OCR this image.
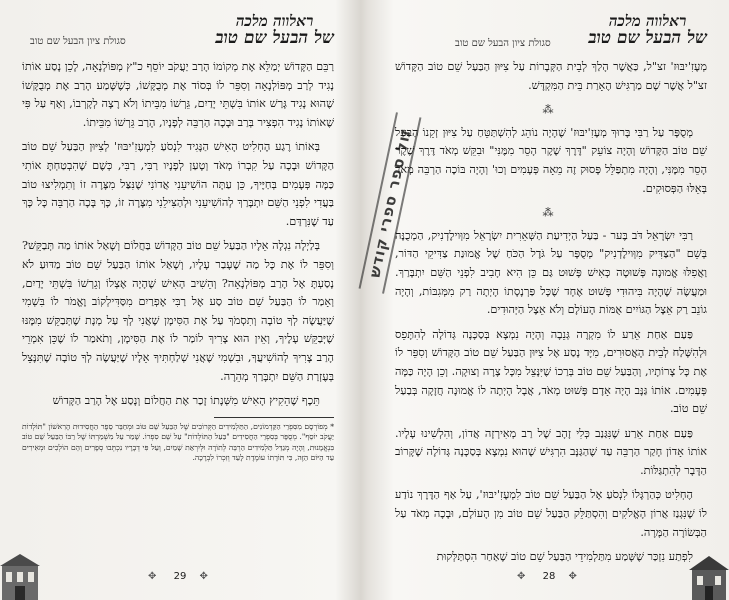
ראלווה מלכה
של הבעל שם טוב
סגולת ציון הבעל שם טוב

רַבֵּם הַקָּדוֹשׁ יְמַלֵּא אֶת מְקוֹמוֹ הָרַב יַעֲקֹב יוֹסֵף כ"ץ מְפּוֹלְנָאָה, לָכֵן נָסַע אוֹתוֹ נָגִיד לְרַב מְפּוֹלְנָאָה וְסִפֵּר לוֹ בְּסוֹד אֶת מְבֻקָּשׁוֹ, כְּשֶׁשָּׁמַע הָרַב אֶת מְבֻקָּשׁוֹ שֶׁהוּא נָגִיד גָּרַשׁ אוֹתוֹ בִּשְׁתֵּי יָדַיִם, גֵּרְשׁוֹ מִבֵּיתוֹ וְלֹא רָצָה לְקָרְבוֹ, וְאַף עַל פִּי שֶׁאוֹתוֹ נָגִיד הִפְצִיר בְּרַב וּבָכָה הַרְבֵּה לְפָנָיו, הָרַב גֵּרְשׁוֹ מִבֵּיתוֹ.

בְּאוֹתוֹ רֶגַע הֶחְלִיט הָאִישׁ הַנָּגִיד לִנְסֹעַ לִמְעֶזִ'יבּוּז' לְצִיּוּן הַבַּעַל שֵׁם טוֹב הַקָּדוֹשׁ וּבָכָה עַל קִבְרוֹ מְאֹד וְטָעַן לְפָנָיו רַבִּי, רַבִּי, כְּשֶׁם שֶׁהִבְטַחְתָּ אוֹתִי כַּמָּה פְּעָמִים בְּחַיֶּיךָ, כֵּן עַתָּה הוֹשִׁיעֵנִי אֲדוֹנִי שֶׁנִּצַּל מִצָּרָה זוֹ וְתִמְלִיצוּ טוֹב בַּעֲדִי לִפְנֵי הַשֵּׁם יִתְבָּרַךְ לְהוֹשִׁיעֵנִי וּלְהַצִּילֵנִי מִצָּרָה זוֹ, כָּךְ בָּכָה הַרְבֵּה כָּל כָּךְ עַד שֶׁנִּרְדַּם.

בְּלַיְלָה נִגְלָה אֵלָיו הַבַּעַל שֵׁם טוֹב הַקָּדוֹשׁ בַּחֲלוֹם וְשָׁאַל אוֹתוֹ מַה תְּבַקֵּשׁ? וְסִפֵּר לוֹ אֶת כָּל מַה שֶׁעָבַר עָלָיו, וְשָׁאַל אוֹתוֹ הַבַּעַל שֵׁם טוֹב מַדּוּעַ לֹא נָסַעְתָּ אֶל הָרַב מְפּוֹלְנָאָה? וְהֵשִׁיב הָאִישׁ שֶׁהָיָה אֶצְלוֹ וְגֵרְשׁוֹ בִּשְׁתֵּי יָדַיִם, וְאָמַר לוֹ הַבַּעַל שֵׁם טוֹב סַע אֶל רַבִּי אֶפְרַיִם מִסַּדִּילְקוֹב וֶאֱמֹר לוֹ בִּשְׁמִי שֶׁיַּעֲשֶׂה לְךָ טוֹבָה וְתִסְמֹךְ עַל אֶת הַסִּימָן שֶׁאֲנִי לְךָ עַל מְנָת שֶׁתְּבַקֵּשׁ מִמֶּנּוּ שֶׁיְּבַקֵּשׁ עָלֶיךָ, וְאֵין הוּא צָרִיךְ לוֹמַר לוֹ אֶת הַסִּימָן, וְתֹאמַר לוֹ שֶׁכֵּן אִמְרֵי הָרַב צָרִיךְ לְהוֹשִׁיעֲךָ, וּבִשְׁמִי שֶׁאֲנִי שְׁלַחְתִּיךָ אֵלָיו שֶׁיַּעֲשֶׂה לְךָ טוֹבָה שֶׁתִּנָּצֵל בְּעֶזְרַת הַשֵּׁם יִתְבָּרַךְ מְהֵרָה.

תֵּכֶף שֶׁהֵקִיץ הָאִישׁ מִשְּׁנָתוֹ זָכַר אֶת הַחֲלוֹם וְנָסַע אֶל הָרַב הַקָּדוֹשׁ

* מְפוֹרְסָם מִסִּפְרֵי הַקַּדְמוֹנִים, הַתַּלְמִידִים הַקְּרוֹבִים שֶׁל הַבַּעַל שֵׁם טוֹב וּמְחַבֵּר סֵפֶר הַחֲסִידוּת הָרִאשׁוֹן "תּוֹלְדוֹת יַעֲקֹב יוֹסֵף". מְסֻפָּר בְּסִפְרֵי הַחֲסִידִים "בַּעַל הַתּוֹלְדוֹת" עַל שֵׁם סִפְרוֹ. שָׁמַר עַל מִשְׁמַרְתּוֹ שֶׁל רַבּוֹ הַבַּעַל שֵׁם טוֹב בִּנְאֱמָנוּת, וְהָיָה מְגַדֵּל תַּלְמִידִים הַרְבֵּה לְתוֹרָה וּלְיִרְאַת שָׁמַיִם, וְעַל פִּי דְבָרָיו נִכְתְּבוּ סְפָרִים וְהֵם הוֹלְכִים וּמְאִירִים עַד הַיּוֹם הַזֶּה, כִּי תּוֹרָתוֹ עוֹמֶדֶת לָעַד וְזִכְרוֹ לִבְרָכָה.
✥ 29 ✥
ראלווה מלכה
של הבעל שם טוב
סגולת ציון הבעל שם טוב

מְעֶזִ'יבּוּז' זצ"ל, כַּאֲשֶׁר הָלַךְ לְבֵית הַקְּבָרוֹת עַל צִיּוּן הַבַּעַל שֵׁם טוֹב הַקָּדוֹשׁ זצ"ל אֲשֶׁר שָׁם מַרְגִּישׁ הֶאָרַת בֵּית הַמִּקְדָּשׁ.

⁂

מְסֻפָּר עַל רַבִּי בָּרוּךְ מְעֶזִ'יבּוּז' שֶׁהָיָה נוֹהֵג לְהִשְׁתַּטֵּחַ עַל צִיּוּן זְקֵנוֹ הַבַּעַל שֵׁם טוֹב הַקָּדוֹשׁ וְהָיָה צוֹעֵק "דֶּרֶךְ שֶׁקֶר הָסֵר מִמֶּנִּי" וּבִקֵּשׁ מְאֹד דֶּרֶךְ שֶׁקֶר הָסֵר מִמֶּנִּי, וְהָיָה מִתְפַּלֵּל פָּסוּק זֶה מֵאָה פְּעָמִים וְכוּ' וְהָיָה בּוֹכֶה הַרְבֵּה מְאֹד בְּאֵלּוּ הַפְּסוּקִים.

⁂

רַבִּי יִשְׂרָאֵל דֹּב בֶּער - בַּעַל הַיְדִיעַת הַשְּׁאֵרִית יִשְׂרָאֵל מִוְּוילֶדְנִיק, הַמְכֻנֶּה בְּשֵׁם "הַצַּדִּיק מִוְּוילֶדְנִיק" מְסֻפָּר עַל גֹּדֶל הַכֹּחַ שֶׁל אֱמוּנַת צַדִּיקֵי הַדּוֹר, וַאֲפִלּוּ אֱמוּנָה פְּשׁוּטָה כְּאִישׁ פָּשׁוּט גַּם כֵּן הִיא חָבִיב לִפְנֵי הַשֵּׁם יִתְבָּרַךְ. וּמַעֲשֶׂה שֶׁהָיָה בִּיהוּדִי פָּשׁוּט אֶחָד שֶׁכָּל פַּרְנָסָתוֹ הָיְתָה רַק מִמְּגִבּוֹת, וְהָיָה גוֹנֵב רַק אֵצֶל הַגּוֹיִים אֻמּוֹת הָעוֹלָם וְלֹא אֵצֶל הַיְּהוּדִים.

פַּעַם אַחַת אֵרַע לוֹ מִקְרֶה גְּנֵבָה וְהָיָה נִמְצָא בְּסַכָּנָה גְּדוֹלָה לְהִתָּפֵס וּלְהִשָּׁלַח לְבֵית הָאֲסוּרִים, מִיָּד נָסַע אֶל צִיּוּן הַבַּעַל שֵׁם טוֹב הַקָּדוֹשׁ וְסִפֵּר לוֹ אֶת כָּל צָרוֹתָיו, וְהַבַּעַל שֵׁם טוֹב בְּרַכוֹ שֶׁיִּנָּצֵל מִכָּל צָרָה וְצוּקָה. וְכֵן הָיָה כַּמָּה פְּעָמִים. אוֹתוֹ גַּנָּב הָיָה אָדָם פָּשׁוּט מְאֹד, אֲבָל הָיְתָה לוֹ אֱמוּנָה חֲזָקָה בְּבַעַל שֵׁם טוֹב.

פַּעַם אַחַת אֵרַע שֶׁנִּגַּנַב כְּלִי זָהָב שֶׁל רַב מְאִירְזָה אֲדוֹן, וְהִלְשִׁינוּ עָלָיו. אוֹתוֹ אָדוֹן חָקַר הַרְבֵּה עַד שֶׁהַגַּנָּב הִרְגִּישׁ שֶׁהוּא נִמְצָא בְּסַכָּנָה גְּדוֹלָה שֶׁקָּרוֹב הַדָּבָר לְהִתְגַּלּוֹת.

הֶחְלִיט כְּהַרְגָּלוֹ לִנְסֹעַ אֶל הַבַּעַל שֵׁם טוֹב לִמְעֶזִ'יבּוּז', עַל אַף הַדֶּרֶךְ נוֹדַע לוֹ שֶׁנִּגְנַז אֲרוֹן הָאֱלֹקִים וְהִסְתַּלֵּק הַבַּעַל שֵׁם טוֹב מִן הָעוֹלָם, וּבָכָה מְאֹד עַל הַבְּשׂוֹרָה הַמָּרָה.

לִפְתַע נִזְכַּר שֶׁשָּׁמַע מִתַּלְמִידֵי הַבַּעַל שֵׁם טוֹב שֶׁאַחַר הִסְתַּלְּקוּת

✥ 28 ✥
זול ספר ספרי קודש
